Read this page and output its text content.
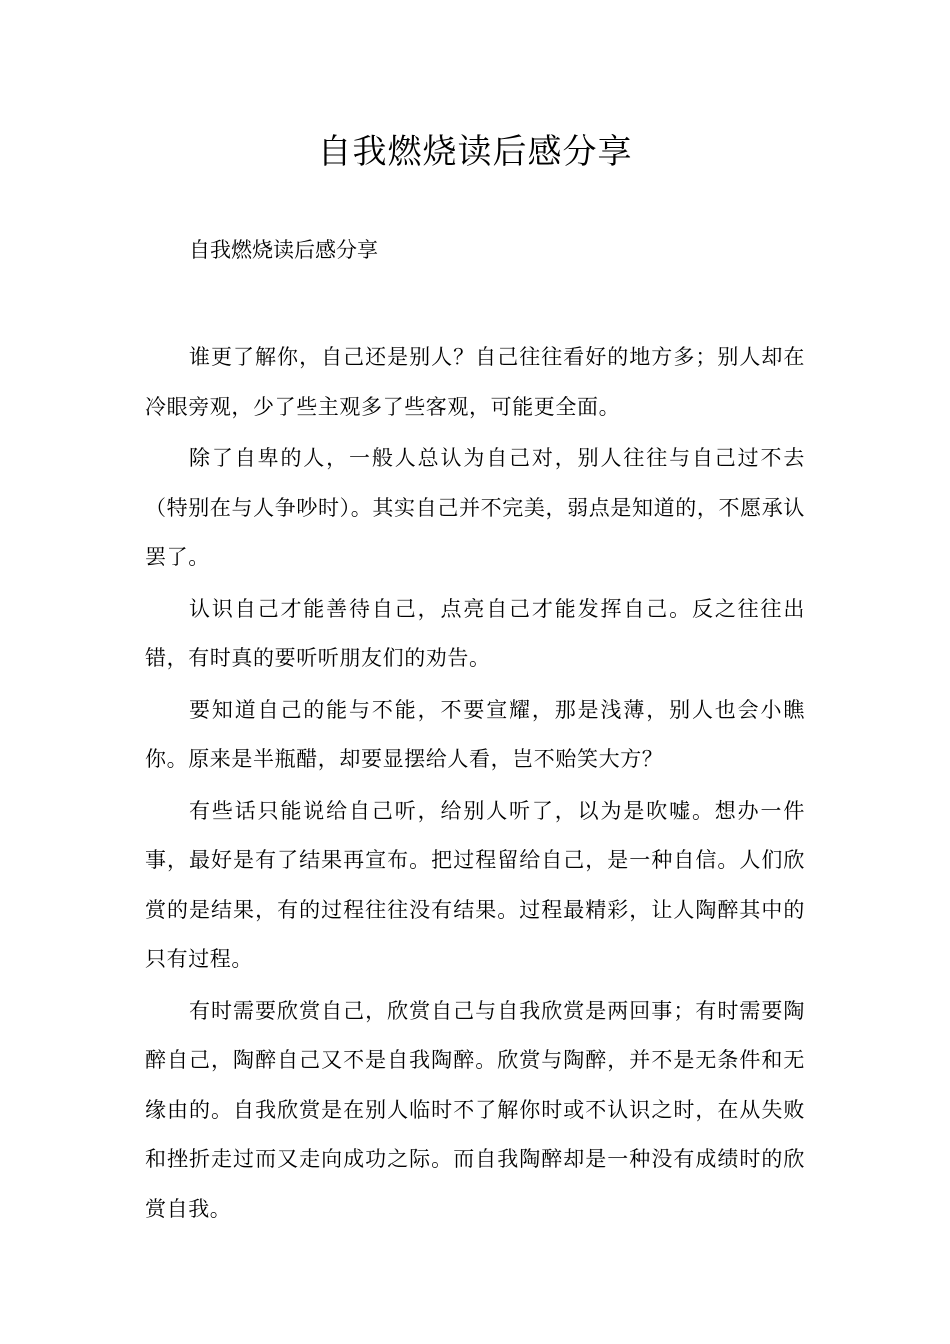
自我燃烧读后感分享

自我燃烧读后感分享

谁更了解你，自己还是别人？自己往往看好的地方多；别人却在冷眼旁观，少了些主观多了些客观，可能更全面。

除了自卑的人，一般人总认为自己对，别人往往与自己过不去（特别在与人争吵时）。其实自己并不完美，弱点是知道的，不愿承认罢了。

认识自己才能善待自己，点亮自己才能发挥自己。反之往往出错，有时真的要听听朋友们的劝告。

要知道自己的能与不能，不要宣耀，那是浅薄，别人也会小瞧你。原来是半瓶醋，却要显摆给人看，岂不贻笑大方？

有些话只能说给自己听，给别人听了，以为是吹嘘。想办一件事，最好是有了结果再宣布。把过程留给自己，是一种自信。人们欣赏的是结果，有的过程往往没有结果。过程最精彩，让人陶醉其中的只有过程。

有时需要欣赏自己，欣赏自己与自我欣赏是两回事；有时需要陶醉自己，陶醉自己又不是自我陶醉。欣赏与陶醉，并不是无条件和无缘由的。自我欣赏是在别人临时不了解你时或不认识之时，在从失败和挫折走过而又走向成功之际。而自我陶醉却是一种没有成绩时的欣赏自我。
